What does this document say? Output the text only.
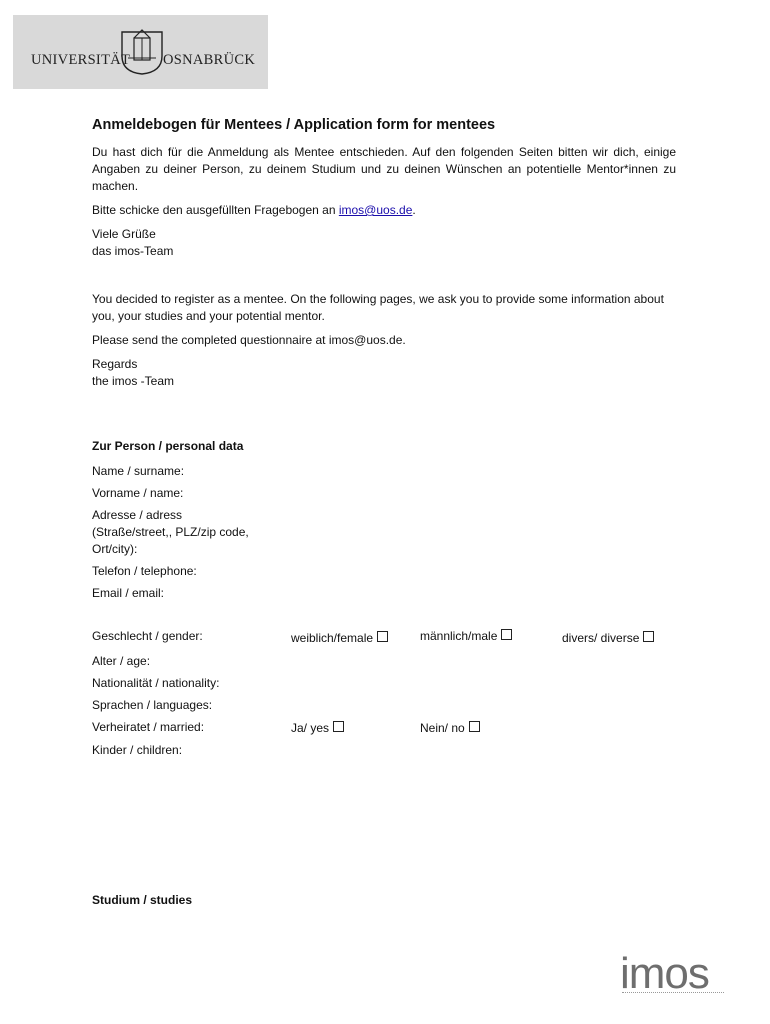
UNIVERSITÄT OSNABRÜCK
Anmeldebogen für Mentees / Application form for mentees
Du hast dich für die Anmeldung als Mentee entschieden. Auf den folgenden Seiten bitten wir dich, einige Angaben zu deiner Person, zu deinem Studium und zu deinen Wünschen an potentielle Mentor*innen zu machen.
Bitte schicke den ausgefüllten Fragebogen an imos@uos.de.
Viele Grüße
das imos-Team
You decided to register as a mentee. On the following pages, we ask you to provide some information about you, your studies and your potential mentor.
Please send the completed questionnaire at imos@uos.de.
Regards
the imos -Team
Zur Person / personal data
Name / surname:
Vorname / name:
Adresse / adress
(Straße/street,, PLZ/zip code,
Ort/city):
Telefon / telephone:
Email / email:
Geschlecht / gender:	weiblich/female	männlich/male	divers/ diverse
Alter / age:
Nationalität / nationality:
Sprachen / languages:
Verheiratet / married:	Ja/ yes	Nein/ no
Kinder / children:
Studium / studies
imos
